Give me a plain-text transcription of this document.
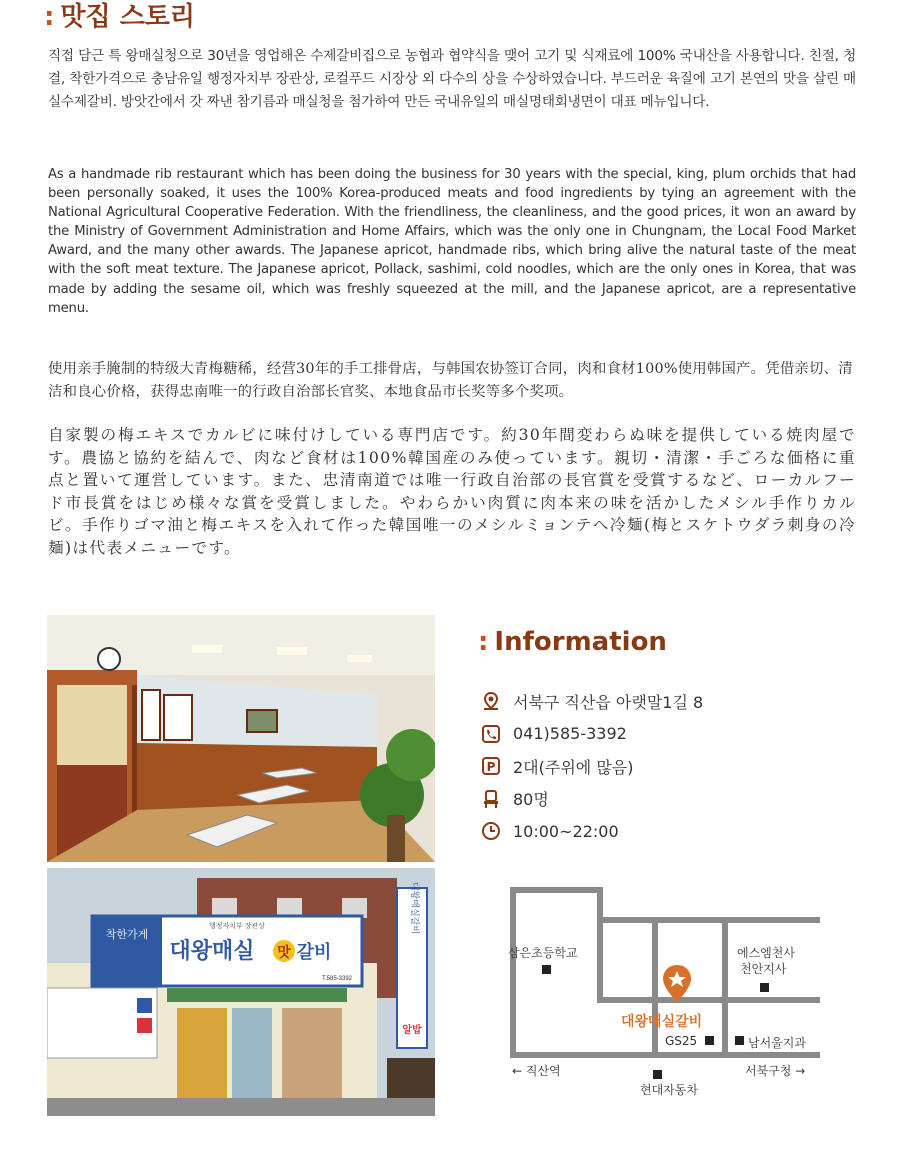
: 맛집 스토리

직접 담근 특 왕매실청으로 30년을 영업해온 수제갈비집으로 농협과 협약식을 맺어 고기 및 식재료에 100% 국내산을 사용합니다. 친절, 청결, 착한가격으로 충남유일 행정자치부 장관상, 로컬푸드 시장상 외 다수의 상을 수상하였습니다. 부드러운 육질에 고기 본연의 맛을 살린 매실수제갈비. 방앗간에서 갓 짜낸 참기름과 매실청을 첨가하여 만든 국내유일의 매실명태회냉면이 대표 메뉴입니다.

As a handmade rib restaurant which has been doing the business for 30 years with the special, king, plum orchids that had been personally soaked, it uses the 100% Korea-produced meats and food ingredients by tying an agreement with the National Agricultural Cooperative Federation. With the friendliness, the cleanliness, and the good prices, it won an award by the Ministry of Government Administration and Home Affairs, which was the only one in Chungnam, the Local Food Market Award, and the many other awards. The Japanese apricot, handmade ribs, which bring alive the natural taste of the meat with the soft meat texture. The Japanese apricot, Pollack, sashimi, cold noodles, which are the only ones in Korea, that was made by adding the sesame oil, which was freshly squeezed at the mill, and the Japanese apricot, are a representative menu.

使用亲手腌制的特级大青梅糖稀，经营30年的手工排骨店，与韩国农协签订合同，肉和食材100%使用韩国产。凭借亲切、清洁和良心价格，获得忠南唯一的行政自治部长官奖、本地食品市长奖等多个奖项。

自家製の梅エキスでカルビに味付けしている専門店です。約30年間変わらぬ味を提供している焼肉屋です。農協と協約を結んで、肉など食材は100%韓国産のみ使っています。親切・清潔・手ごろな価格に重点と置いて運営しています。また、忠清南道では唯一行政自治部の長官賞を受賞するなど、ローカルフード市長賞をはじめ様々な賞を受賞しました。やわらかい肉質に肉本来の味を活かしたメシル手作りカルビ。手作りゴマ油と梅エキスを入れて作った韓国唯一のメシルミョンテへ冷麺(梅とスケトウダラ刺身の冷麺)は代表メニューです。

착한가게
행정자치부 장관상
대왕매실 맛 갈비
T.585-3392
대왕매실갈비
알밥
: Information
서북구 직산읍 아랫말1길 8
041)585-3392
P 2대(주위에 많음)
80명
10:00~22:00
삼은초등학교	에스엠천사
천안지사
대왕매실갈비
GS25	남서울지과
← 직산역	서북구청 →
현대자동차
